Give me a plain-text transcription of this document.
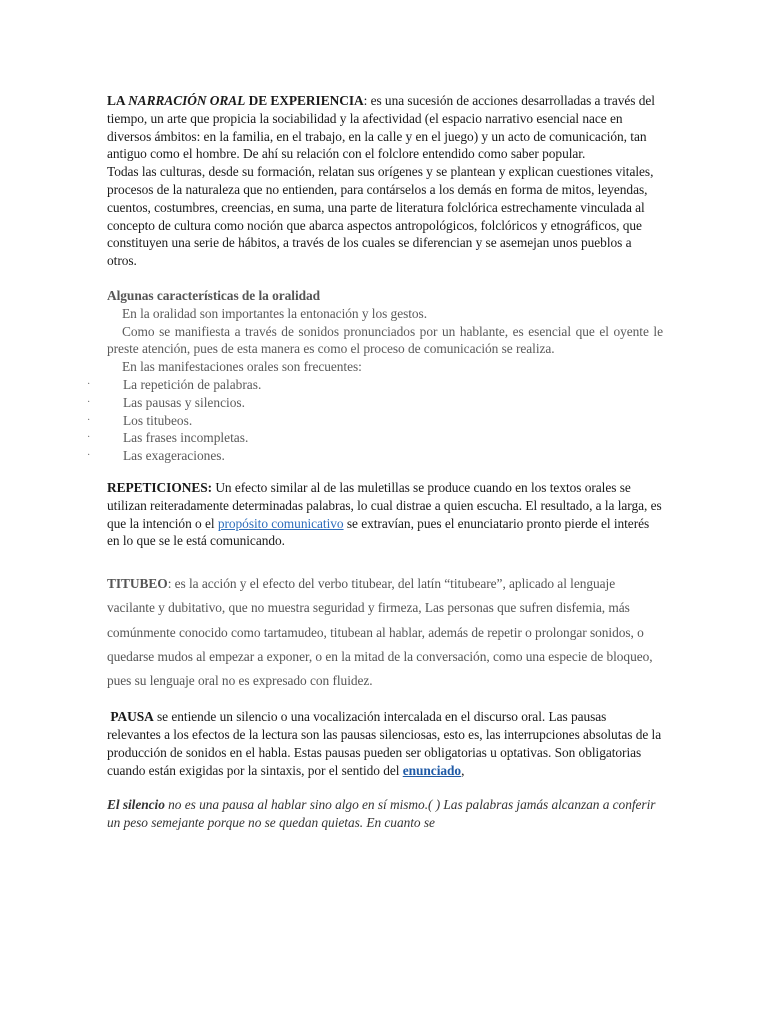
LA NARRACIÓN ORAL DE EXPERIENCIA: es una sucesión de acciones desarrolladas a través del tiempo, un arte que propicia la sociabilidad y la afectividad (el espacio narrativo esencial nace en diversos ámbitos: en la familia, en el trabajo, en la calle y en el juego) y un acto de comunicación, tan antiguo como el hombre. De ahí su relación con el folclore entendido como saber popular.

Todas las culturas, desde su formación, relatan sus orígenes y se plantean y explican cuestiones vitales, procesos de la naturaleza que no entienden, para contárselos a los demás en forma de mitos, leyendas, cuentos, costumbres, creencias, en suma, una parte de literatura folclórica estrechamente vinculada al concepto de cultura como noción que abarca aspectos antropológicos, folclóricos y etnográficos, que constituyen una serie de hábitos, a través de los cuales se diferencian y se asemejan unos pueblos a otros.

Algunas características de la oralidad

En la oralidad son importantes la entonación y los gestos.

Como se manifiesta a través de sonidos pronunciados por un hablante, es esencial que el oyente le preste atención, pues de esta manera es como el proceso de comunicación se realiza.

En las manifestaciones orales son frecuentes:

· La repetición de palabras.
· Las pausas y silencios.
· Los titubeos.
· Las frases incompletas.
· Las exageraciones.

REPETICIONES: Un efecto similar al de las muletillas se produce cuando en los textos orales se utilizan reiteradamente determinadas palabras, lo cual distrae a quien escucha. El resultado, a la larga, es que la intención o el propósito comunicativo se extravían, pues el enunciatario pronto pierde el interés en lo que se le está comunicando.

TITUBEO: es la acción y el efecto del verbo titubear, del latín “titubeare”, aplicado al lenguaje vacilante y dubitativo, que no muestra seguridad y firmeza, Las personas que sufren disfemia, más comúnmente conocido como tartamudeo, titubean al hablar, además de repetir o prolongar sonidos, o quedarse mudos al empezar a exponer, o en la mitad de la conversación, como una especie de bloqueo, pues su lenguaje oral no es expresado con fluidez.

PAUSA se entiende un silencio o una vocalización intercalada en el discurso oral. Las pausas relevantes a los efectos de la lectura son las pausas silenciosas, esto es, las interrupciones absolutas de la producción de sonidos en el habla. Estas pausas pueden ser obligatorias u optativas. Son obligatorias cuando están exigidas por la sintaxis, por el sentido del enunciado,

El silencio no es una pausa al hablar sino algo en sí mismo.( ) Las palabras jamás alcanzan a conferir un peso semejante porque no se quedan quietas. En cuanto se
